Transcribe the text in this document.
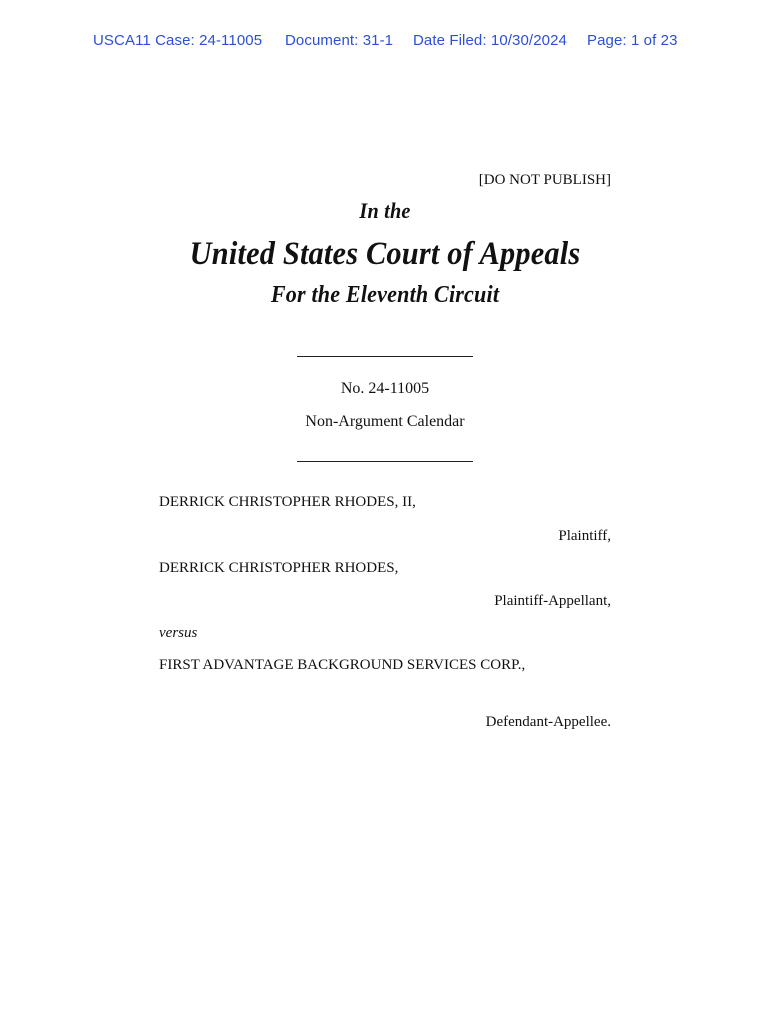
USCA11 Case: 24-11005 Document: 31-1 Date Filed: 10/30/2024 Page: 1 of 23
[DO NOT PUBLISH]
In the
United States Court of Appeals
For the Eleventh Circuit
No. 24-11005
Non-Argument Calendar
DERRICK CHRISTOPHER RHODES, II,
Plaintiff,
DERRICK CHRISTOPHER RHODES,
Plaintiff-Appellant,
versus
FIRST ADVANTAGE BACKGROUND SERVICES CORP.,
Defendant-Appellee.
